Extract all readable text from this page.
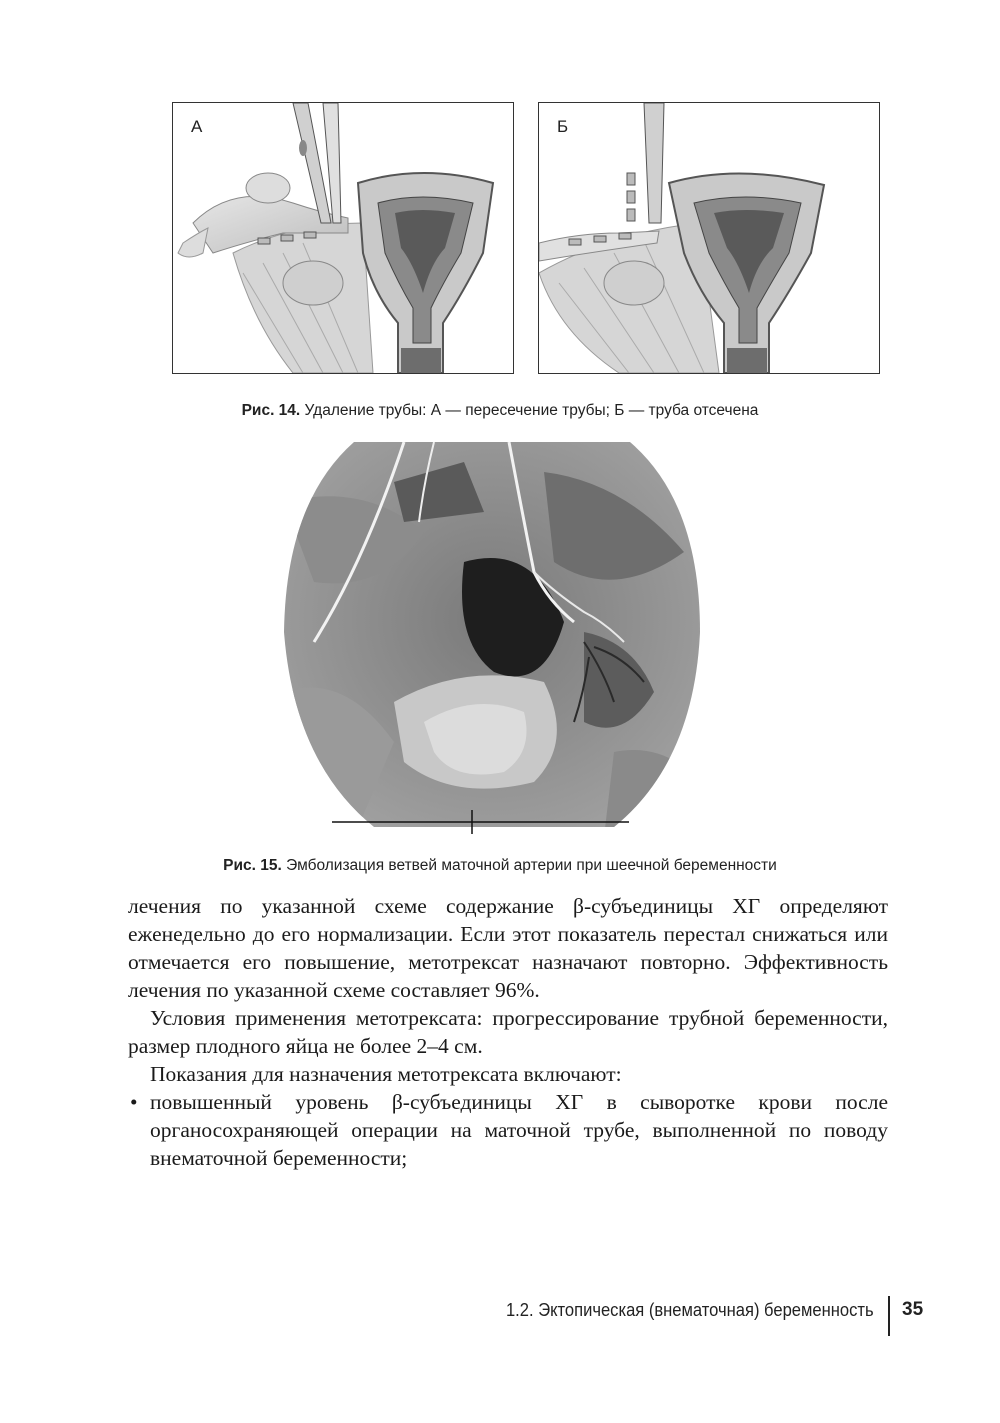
А	Б
Рис. 14. Удаление трубы: А — пересечение трубы; Б — труба отсечена
Рис. 15. Эмболизация ветвей маточной артерии при шеечной беременности

лечения по указанной схеме содержание β-субъединицы ХГ определяют еженедельно до его нормализации. Если этот показатель перестал снижаться или отмечается его повышение, метотрексат назначают повторно. Эффективность лечения по указанной схеме составляет 96%.

Условия применения метотрексата: прогрессирование трубной беременности, размер плодного яйца не более 2–4 см.

Показания для назначения метотрексата включают:

• повышенный уровень β-субъединицы ХГ в сыворотке крови после органосохраняющей операции на маточной трубе, выполненной по поводу внематочной беременности;
1.2. Эктопическая (внематочная) беременность 35
